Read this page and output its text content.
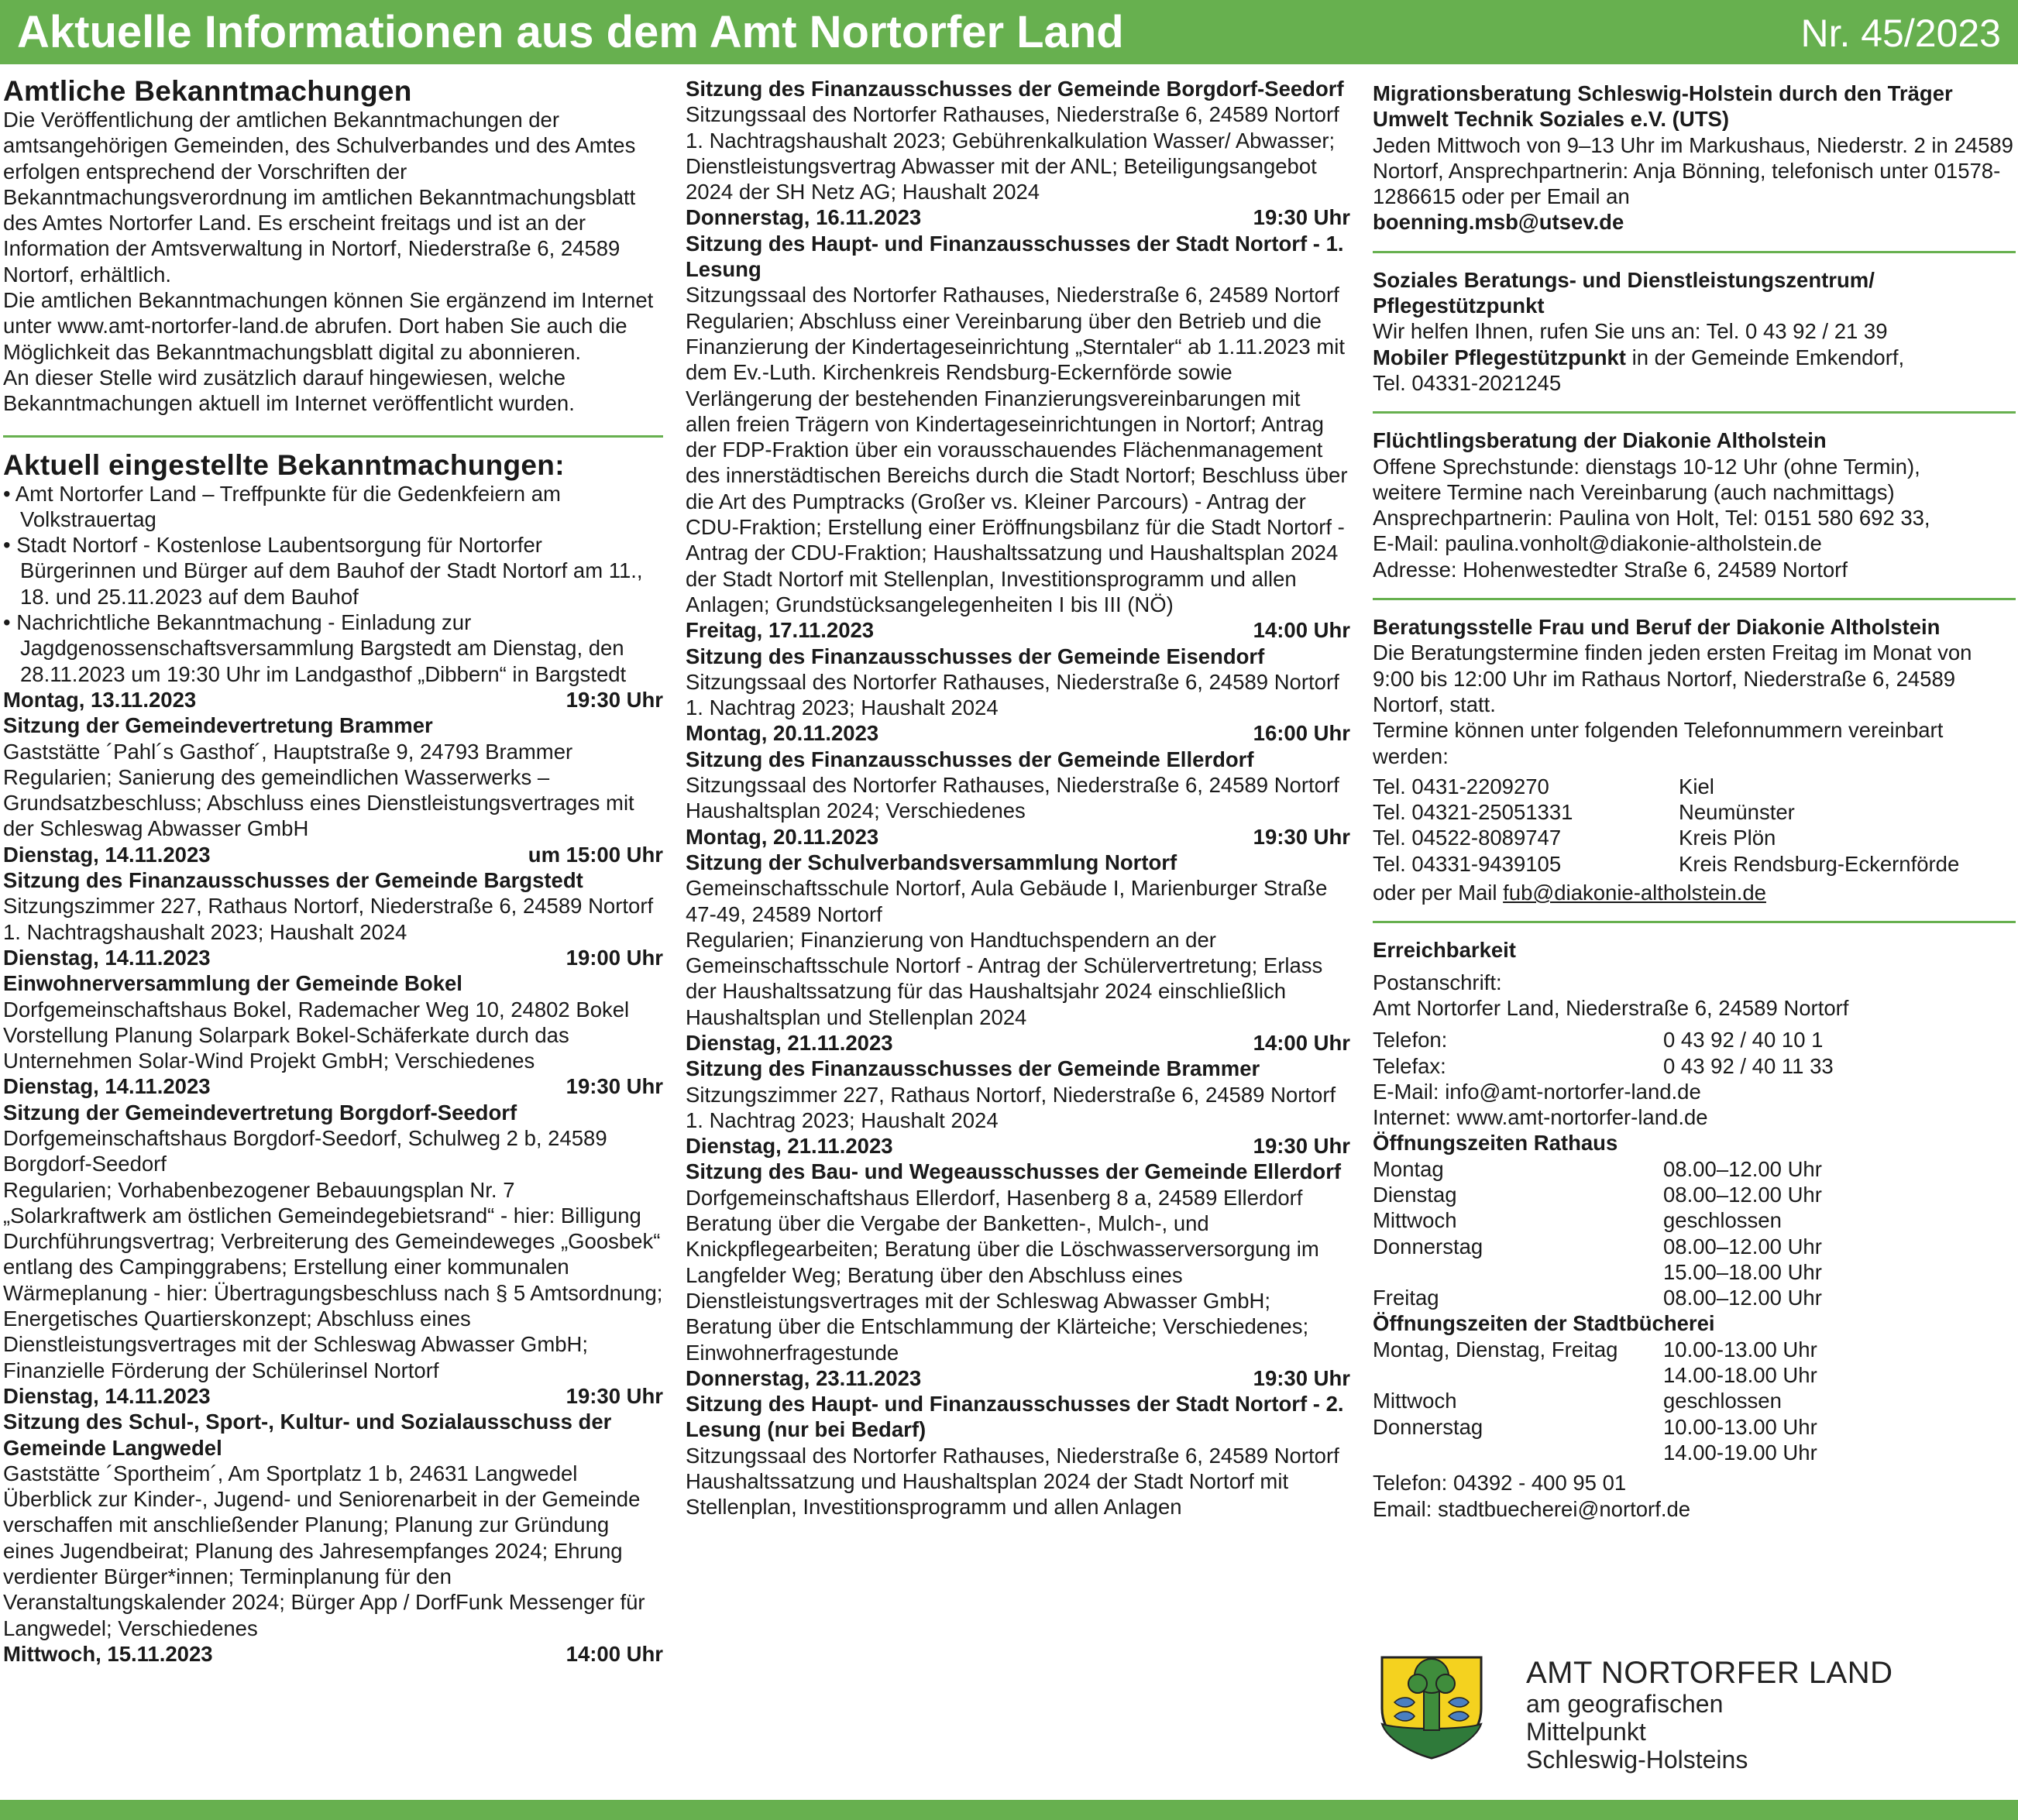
Aktuelle Informationen aus dem Amt Nortorfer Land	Nr. 45/2023
Amtliche Bekanntmachungen

Die Veröffentlichung der amtlichen Bekanntmachungen der amtsangehörigen Gemeinden, des Schulverbandes und des Amtes erfolgen entsprechend der Vorschriften der Bekanntmachungsverordnung im amtlichen Bekanntmachungsblatt des Amtes Nortorfer Land. Es erscheint freitags und ist an der Information der Amtsverwaltung in Nortorf, Niederstraße 6, 24589 Nortorf, erhältlich.

Die amtlichen Bekanntmachungen können Sie ergänzend im Internet unter www.amt-nortorfer-land.de abrufen. Dort haben Sie auch die Möglichkeit das Bekanntmachungsblatt digital zu abonnieren.

An dieser Stelle wird zusätzlich darauf hingewiesen, welche Bekanntmachungen aktuell im Internet veröffentlicht wurden.

Aktuell eingestellte Bekanntmachungen:

• Amt Nortorfer Land – Treffpunkte für die Gedenkfeiern am Volkstrauertag

• Stadt Nortorf - Kostenlose Laubentsorgung für Nortorfer Bürgerinnen und Bürger auf dem Bauhof der Stadt Nortorf am 11., 18. und 25.11.2023 auf dem Bauhof

• Nachrichtliche Bekanntmachung - Einladung zur Jagdgenossenschaftsversammlung Bargstedt am Dienstag, den 28.11.2023 um 19:30 Uhr im Landgasthof „Dibbern“ in Bargstedt

Montag, 13.11.2023	19:30 Uhr

Sitzung der Gemeindevertretung Brammer

Gaststätte ´Pahl´s Gasthof´, Hauptstraße 9, 24793 Brammer

Regularien; Sanierung des gemeindlichen Wasserwerks – Grundsatzbeschluss; Abschluss eines Dienstleistungsvertrages mit der Schleswag Abwasser GmbH

Dienstag, 14.11.2023	um 15:00 Uhr

Sitzung des Finanzausschusses der Gemeinde Bargstedt

Sitzungszimmer 227, Rathaus Nortorf, Niederstraße 6, 24589 Nortorf

1. Nachtragshaushalt 2023; Haushalt 2024

Dienstag, 14.11.2023	19:00 Uhr

Einwohnerversammlung der Gemeinde Bokel

Dorfgemeinschaftshaus Bokel, Rademacher Weg 10, 24802 Bokel

Vorstellung Planung Solarpark Bokel-Schäferkate durch das Unternehmen Solar-Wind Projekt GmbH; Verschiedenes

Dienstag, 14.11.2023	19:30 Uhr

Sitzung der Gemeindevertretung Borgdorf-Seedorf

Dorfgemeinschaftshaus Borgdorf-Seedorf, Schulweg 2 b, 24589 Borgdorf-Seedorf

Regularien; Vorhabenbezogener Bebauungsplan Nr. 7 „Solarkraftwerk am östlichen Gemeindegebietsrand“ - hier: Billigung Durchführungsvertrag; Verbreiterung des Gemeindeweges „Goosbek“ entlang des Campinggrabens; Erstellung einer kommunalen Wärmeplanung - hier: Übertragungsbeschluss nach § 5 Amtsordnung; Energetisches Quartierskonzept; Abschluss eines Dienstleistungsvertrages mit der Schleswag Abwasser GmbH; Finanzielle Förderung der Schülerinsel Nortorf

Dienstag, 14.11.2023	19:30 Uhr

Sitzung des Schul-, Sport-, Kultur- und Sozialausschuss der Gemeinde Langwedel

Gaststätte ´Sportheim´, Am Sportplatz 1 b, 24631 Langwedel

Überblick zur Kinder-, Jugend- und Seniorenarbeit in der Gemeinde verschaffen mit anschließender Planung; Planung zur Gründung eines Jugendbeirat; Planung des Jahresempfanges 2024; Ehrung verdienter Bürger*innen; Terminplanung für den Veranstaltungskalender 2024; Bürger App / DorfFunk Messenger für Langwedel; Verschiedenes

Mittwoch, 15.11.2023	14:00 Uhr

Sitzung des Finanzausschusses der Gemeinde Borgdorf-Seedorf

Sitzungssaal des Nortorfer Rathauses, Niederstraße 6, 24589 Nortorf

1. Nachtragshaushalt 2023; Gebührenkalkulation Wasser/ Abwasser; Dienstleistungsvertrag Abwasser mit der ANL; Beteiligungsangebot 2024 der SH Netz AG; Haushalt 2024

Donnerstag, 16.11.2023	19:30 Uhr

Sitzung des Haupt- und Finanzausschusses der Stadt Nortorf - 1. Lesung

Sitzungssaal des Nortorfer Rathauses, Niederstraße 6, 24589 Nortorf

Regularien; Abschluss einer Vereinbarung über den Betrieb und die Finanzierung der Kindertageseinrichtung „Sterntaler“ ab 1.11.2023 mit dem Ev.-Luth. Kirchenkreis Rendsburg-Eckernförde sowie Verlängerung der bestehenden Finanzierungsvereinbarungen mit allen freien Trägern von Kindertageseinrichtungen in Nortorf; Antrag der FDP-Fraktion über ein vorausschauendes Flächenmanagement des innerstädtischen Bereichs durch die Stadt Nortorf; Beschluss über die Art des Pumptracks (Großer vs. Kleiner Parcours) - Antrag der CDU-Fraktion; Erstellung einer Eröffnungsbilanz für die Stadt Nortorf - Antrag der CDU-Fraktion; Haushaltssatzung und Haushaltsplan 2024 der Stadt Nortorf mit Stellenplan, Investitionsprogramm und allen Anlagen; Grundstücksangelegenheiten I bis III (NÖ)

Freitag, 17.11.2023	14:00 Uhr

Sitzung des Finanzausschusses der Gemeinde Eisendorf

Sitzungssaal des Nortorfer Rathauses, Niederstraße 6, 24589 Nortorf

1. Nachtrag 2023; Haushalt 2024

Montag, 20.11.2023	16:00 Uhr

Sitzung des Finanzausschusses der Gemeinde Ellerdorf

Sitzungssaal des Nortorfer Rathauses, Niederstraße 6, 24589 Nortorf

Haushaltsplan 2024; Verschiedenes

Montag, 20.11.2023	19:30 Uhr

Sitzung der Schulverbandsversammlung Nortorf

Gemeinschaftsschule Nortorf, Aula Gebäude I, Marienburger Straße 47-49, 24589 Nortorf

Regularien; Finanzierung von Handtuchspendern an der Gemeinschaftsschule Nortorf - Antrag der Schülervertretung; Erlass der Haushaltssatzung für das Haushaltsjahr 2024 einschließlich Haushaltsplan und Stellenplan 2024

Dienstag, 21.11.2023	14:00 Uhr

Sitzung des Finanzausschusses der Gemeinde Brammer

Sitzungszimmer 227, Rathaus Nortorf, Niederstraße 6, 24589 Nortorf

1. Nachtrag 2023; Haushalt 2024

Dienstag, 21.11.2023	19:30 Uhr

Sitzung des Bau- und Wegeausschusses der Gemeinde Ellerdorf

Dorfgemeinschaftshaus Ellerdorf, Hasenberg 8 a, 24589 Ellerdorf

Beratung über die Vergabe der Banketten-, Mulch-, und Knickpflegearbeiten; Beratung über die Löschwasserversorgung im Langfelder Weg; Beratung über den Abschluss eines Dienstleistungsvertrages mit der Schleswag Abwasser GmbH; Beratung über die Entschlammung der Klärteiche; Verschiedenes; Einwohnerfragestunde

Donnerstag, 23.11.2023	19:30 Uhr

Sitzung des Haupt- und Finanzausschusses der Stadt Nortorf - 2. Lesung (nur bei Bedarf)

Sitzungssaal des Nortorfer Rathauses, Niederstraße 6, 24589 Nortorf

Haushaltssatzung und Haushaltsplan 2024 der Stadt Nortorf mit Stellenplan, Investitionsprogramm und allen Anlagen

Migrationsberatung Schleswig-Holstein durch den Träger Umwelt Technik Soziales e.V. (UTS)

Jeden Mittwoch von 9–13 Uhr im Markushaus, Niederstr. 2 in 24589 Nortorf, Ansprechpartnerin: Anja Bönning, telefonisch unter 01578-1286615 oder per Email an

boenning.msb@utsev.de

Soziales Beratungs- und Dienstleistungszentrum/ Pflegestützpunkt

Wir helfen Ihnen, rufen Sie uns an: Tel. 0 43 92 / 21 39

Mobiler Pflegestützpunkt in der Gemeinde Emkendorf,

Tel. 04331-2021245

Flüchtlingsberatung der Diakonie Altholstein

Offene Sprechstunde: dienstags 10-12 Uhr (ohne Termin),

weitere Termine nach Vereinbarung (auch nachmittags)

Ansprechpartnerin: Paulina von Holt, Tel: 0151 580 692 33,

E-Mail: paulina.vonholt@diakonie-altholstein.de

Adresse: Hohenwestedter Straße 6, 24589 Nortorf

Beratungsstelle Frau und Beruf der Diakonie Altholstein

Die Beratungstermine finden jeden ersten Freitag im Monat von 9:00 bis 12:00 Uhr im Rathaus Nortorf, Niederstraße 6, 24589 Nortorf, statt.

Termine können unter folgenden Telefonnummern vereinbart werden:

Tel. 0431-2209270	Kiel
Tel. 04321-25051331	Neumünster
Tel. 04522-8089747	Kreis Plön
Tel. 04331-9439105	Kreis Rendsburg-Eckernförde

oder per Mail fub@diakonie-altholstein.de

Erreichbarkeit

Postanschrift:

Amt Nortorfer Land, Niederstraße 6, 24589 Nortorf

Telefon:	0 43 92 / 40 10 1
Telefax:	0 43 92 / 40 11 33

E-Mail: info@amt-nortorfer-land.de

Internet: www.amt-nortorfer-land.de

Öffnungszeiten Rathaus

Montag	08.00–12.00 Uhr
Dienstag	08.00–12.00 Uhr
Mittwoch	geschlossen
Donnerstag	08.00–12.00 Uhr
	15.00–18.00 Uhr
Freitag	08.00–12.00 Uhr

Öffnungszeiten der Stadtbücherei

Montag, Dienstag, Freitag	10.00-13.00 Uhr
	14.00-18.00 Uhr
Mittwoch	geschlossen
Donnerstag	10.00-13.00 Uhr
	14.00-19.00 Uhr

Telefon: 04392 - 400 95 01

Email: stadtbuecherei@nortorf.de

AMT NORTORFER LAND
am geografischen
Mittelpunkt
Schleswig-Holsteins
